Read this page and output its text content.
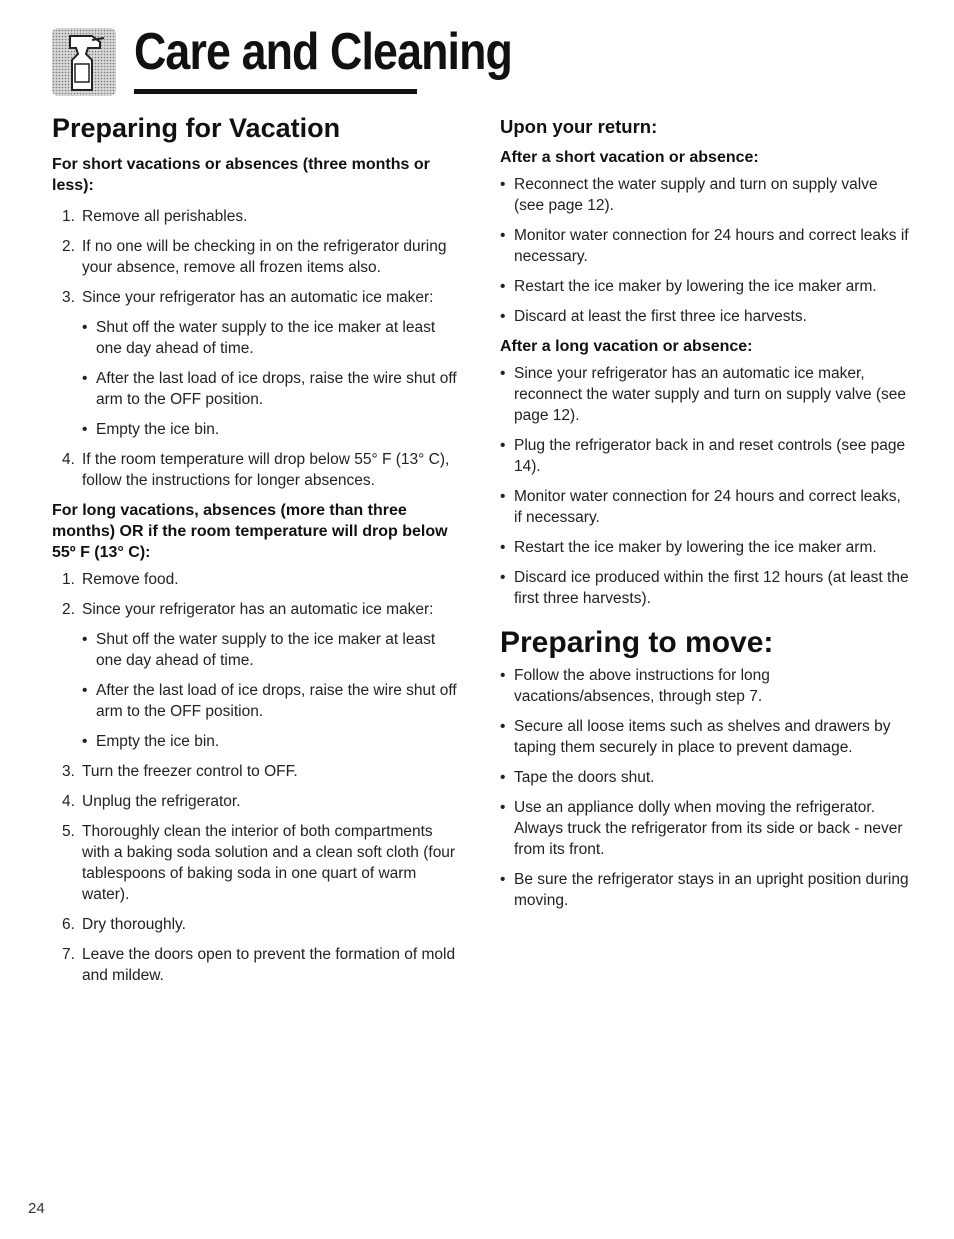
Care and Cleaning
Preparing for Vacation

For short vacations or absences (three months or less):

1. Remove all perishables.
2. If no one will be checking in on the refrigerator during your absence, remove all frozen items also.
3. Since your refrigerator has an automatic ice maker:
• Shut off the water supply to the ice maker at least one day ahead of time.
• After the last load of ice drops, raise the wire shut off arm to the OFF position.
• Empty the ice bin.
4. If the room temperature will drop below 55° F (13° C), follow the instructions for longer absences.

For long vacations, absences (more than three months) OR if the room temperature will drop below 55º F (13° C):

1. Remove food.
2. Since your refrigerator has an automatic ice maker:
• Shut off the water supply to the ice maker at least one day ahead of time.
• After the last load of ice drops, raise the wire shut off arm to the OFF position.
• Empty the ice bin.
3. Turn the freezer control to OFF.
4. Unplug the refrigerator.
5. Thoroughly clean the interior of both compartments with a baking soda solution and a clean soft cloth (four tablespoons of baking soda in one quart of warm water).
6. Dry thoroughly.
7. Leave the doors open to prevent the formation of mold and mildew.
Upon your return:

After a short vacation or absence:

• Reconnect the water supply and turn on supply valve (see page 12).
• Monitor water connection for 24 hours and correct leaks if necessary.
• Restart the ice maker by lowering the ice maker arm.
• Discard at least the first three ice harvests.

After a long vacation or absence:

• Since your refrigerator has an automatic ice maker, reconnect the water supply and turn on supply valve (see page 12).
• Plug the refrigerator back in and reset controls (see page 14).
• Monitor water connection for 24 hours and correct leaks, if necessary.
• Restart the ice maker by lowering the ice maker arm.
• Discard ice produced within the first 12 hours (at least the first three harvests).
Preparing to move:
• Follow the above instructions for long vacations/absences, through step 7.
• Secure all loose items such as shelves and drawers by taping them securely in place to prevent damage.
• Tape the doors shut.
• Use an appliance dolly when moving the refrigerator. Always truck the refrigerator from its side or back - never from its front.
• Be sure the refrigerator stays in an upright position during moving.
24
